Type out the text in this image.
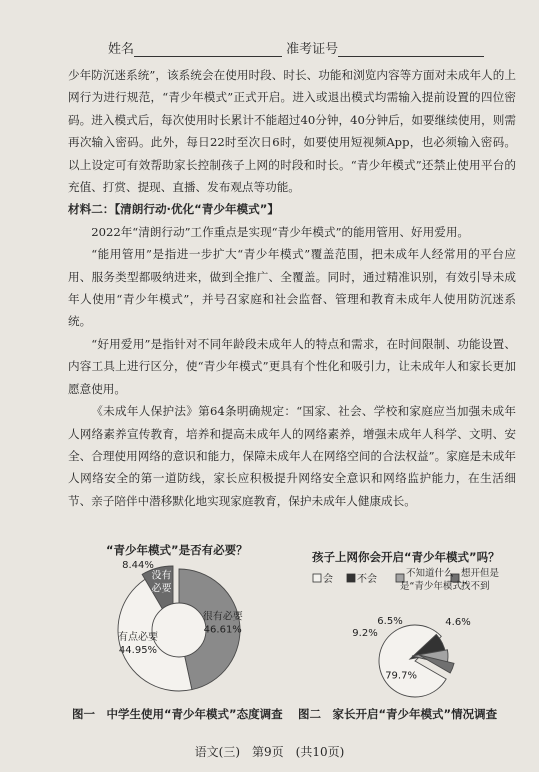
姓名	准考证号

少年防沉迷系统”，该系统会在使用时段、时长、功能和浏览内容等方面对未成年人的上网行为进行规范，“青少年模式”正式开启。进入或退出模式均需输入提前设置的四位密码。进入模式后，每次使用时长累计不能超过40分钟，40分钟后，如要继续使用，则需再次输入密码。此外，每日22时至次日6时，如要使用短视频App，也必须输入密码。以上设定可有效帮助家长控制孩子上网的时段和时长。“青少年模式”还禁止使用平台的充值、打赏、提现、直播、发布观点等功能。

材料二：【清朗行动·优化“青少年模式”】

2022年“清朗行动”工作重点是实现“青少年模式”的能用管用、好用爱用。

“能用管用”是指进一步扩大“青少年模式”覆盖范围，把未成年人经常用的平台应用、服务类型都吸纳进来，做到全推广、全覆盖。同时，通过精准识别，有效引导未成年人使用“青少年模式”，并号召家庭和社会监督、管理和教育未成年人使用防沉迷系统。

“好用爱用”是指针对不同年龄段未成年人的特点和需求，在时间限制、功能设置、内容工具上进行区分，使“青少年模式”更具有个性化和吸引力，让未成年人和家长更加愿意使用。

《未成年人保护法》第64条明确规定：“国家、社会、学校和家庭应当加强未成年人网络素养宣传教育，培养和提高未成年人的网络素养，增强未成年人科学、文明、安全、合理使用网络的意识和能力，保障未成年人在网络空间的合法权益”。家庭是未成年人网络安全的第一道防线，家长应积极提升网络安全意识和网络监护能力，在生活细节、亲子陪伴中潜移默化地实现家庭教育，保护未成年人健康成长。

“青少年模式”是否有必要？
很有必要
46.61%
有点必要
44.95%
没有必要
8.44%
图一　中学生使用“青少年模式”态度调查
孩子上网你会开启“青少年模式”吗？
会 不会
不知道什么是“青少年模式”
想开但是找不到
79.7%
9.2%
6.5%	4.6%
图二　家长开启“青少年模式”情况调查
语文(三)　第9页　(共10页)
